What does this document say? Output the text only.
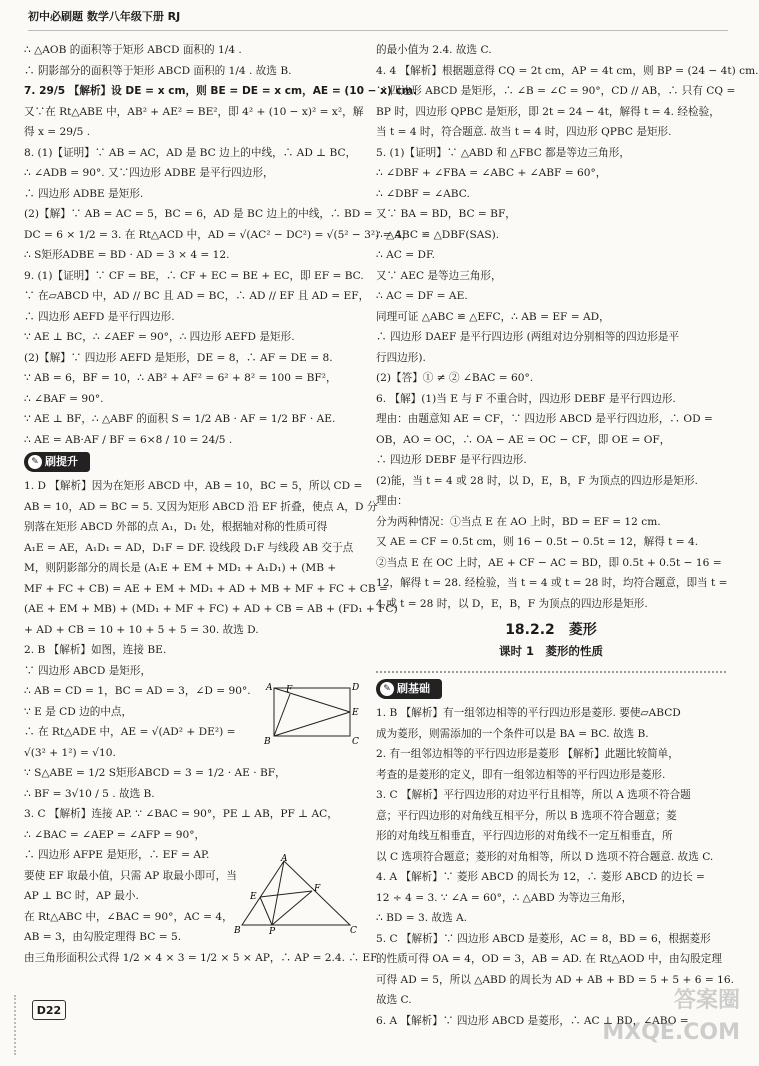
初中必刷题 数学八年级下册 RJ
∴ △AOB 的面积等于矩形 ABCD 面积的 1/4 .
∴ 阴影部分的面积等于矩形 ABCD 面积的 1/4 . 故选 B.
7. 29/5 【解析】设 DE = x cm，则 BE = DE = x cm，AE = (10 − x) cm.
又∵在 Rt△ABE 中，AB² + AE² = BE²，即 4² + (10 − x)² = x²，解
得 x = 29/5 .
8. (1)【证明】∵ AB = AC，AD 是 BC 边上的中线，∴ AD ⊥ BC，
∴ ∠ADB = 90°. 又∵四边形 ADBE 是平行四边形，
∴ 四边形 ADBE 是矩形.
(2)【解】∵ AB = AC = 5，BC = 6，AD 是 BC 边上的中线，∴ BD =
DC = 6 × 1/2 = 3. 在 Rt△ACD 中，AD = √(AC² − DC²) = √(5² − 3²) = 4，
∴ S矩形ADBE = BD · AD = 3 × 4 = 12.
9. (1)【证明】∵ CF = BE，∴ CF + EC = BE + EC，即 EF = BC.
∵ 在▱ABCD 中，AD // BC 且 AD = BC，∴ AD // EF 且 AD = EF，
∴ 四边形 AEFD 是平行四边形.
∵ AE ⊥ BC，∴ ∠AEF = 90°，∴ 四边形 AEFD 是矩形.
(2)【解】∵ 四边形 AEFD 是矩形，DE = 8，∴ AF = DE = 8.
∵ AB = 6，BF = 10，∴ AB² + AF² = 6² + 8² = 100 = BF²，
∴ ∠BAF = 90°.
∵ AE ⊥ BF，∴ △ABF 的面积 S = 1/2 AB · AF = 1/2 BF · AE.
∴ AE = AB·AF / BF = 6×8 / 10 = 24/5 .
✎ 刷提升
1. D 【解析】因为在矩形 ABCD 中，AB = 10，BC = 5，所以 CD =
AB = 10，AD = BC = 5. 又因为矩形 ABCD 沿 EF 折叠，使点 A，D 分
别落在矩形 ABCD 外部的点 A₁，D₁ 处，根据轴对称的性质可得
A₁E = AE，A₁D₁ = AD，D₁F = DF. 设线段 D₁F 与线段 AB 交于点
M，则阴影部分的周长是 (A₁E + EM + MD₁ + A₁D₁) + (MB +
MF + FC + CB) = AE + EM + MD₁ + AD + MB + MF + FC + CB =
(AE + EM + MB) + (MD₁ + MF + FC) + AD + CB = AB + (FD₁ + FC)
+ AD + CB = 10 + 10 + 5 + 5 = 30. 故选 D.
2. B 【解析】如图，连接 BE.
∵ 四边形 ABCD 是矩形，
∴ AB = CD = 1，BC = AD = 3，∠D = 90°.
∵ E 是 CD 边的中点，
∴ 在 Rt△ADE 中，AE = √(AD² + DE²) =
√(3² + 1²) = √10.
∵ S△ABE = 1/2 S矩形ABCD = 3 = 1/2 · AE · BF，
∴ BF = 3√10 / 5 . 故选 B.
3. C 【解析】连接 AP. ∵ ∠BAC = 90°，PE ⊥ AB，PF ⊥ AC，
∴ ∠BAC = ∠AEP = ∠AFP = 90°，
∴ 四边形 AFPE 是矩形，∴ EF = AP.
要使 EF 取最小值，只需 AP 取最小即可，当
AP ⊥ BC 时，AP 最小.
在 Rt△ABC 中，∠BAC = 90°，AC = 4，
AB = 3，由勾股定理得 BC = 5.
由三角形面积公式得 1/2 × 4 × 3 = 1/2 × 5 × AP，∴ AP = 2.4. ∴ EF
A	D
E
F
B	C
A
F
E
B	P	C
的最小值为 2.4. 故选 C.
4. 4 【解析】根据题意得 CQ = 2t cm，AP = 4t cm，则 BP = (24 − 4t) cm.
∵ 四边形 ABCD 是矩形，∴ ∠B = ∠C = 90°，CD // AB，∴ 只有 CQ =
BP 时，四边形 QPBC 是矩形，即 2t = 24 − 4t，解得 t = 4. 经检验，
当 t = 4 时，符合题意. 故当 t = 4 时，四边形 QPBC 是矩形.
5. (1)【证明】∵ △ABD 和 △FBC 都是等边三角形，
∴ ∠DBF + ∠FBA = ∠ABC + ∠ABF = 60°，
∴ ∠DBF = ∠ABC.
又∵ BA = BD，BC = BF，
∴ △ABC ≌ △DBF(SAS).
∴ AC = DF.
又∵ AEC 是等边三角形，
∴ AC = DF = AE.
同理可证 △ABC ≌ △EFC，∴ AB = EF = AD，
∴ 四边形 DAEF 是平行四边形 (两组对边分别相等的四边形是平
行四边形).
(2)【答】① ≠ ② ∠BAC = 60°.
6. 【解】(1)当 E 与 F 不重合时，四边形 DEBF 是平行四边形.
理由：由题意知 AE = CF，∵ 四边形 ABCD 是平行四边形，∴ OD =
OB，AO = OC，∴ OA − AE = OC − CF，即 OE = OF，
∴ 四边形 DEBF 是平行四边形.
(2)能，当 t = 4 或 28 时，以 D，E，B，F 为顶点的四边形是矩形.
理由：
分为两种情况：①当点 E 在 AO 上时，BD = EF = 12 cm.
又 AE = CF = 0.5t cm，则 16 − 0.5t − 0.5t = 12，解得 t = 4.
②当点 E 在 OC 上时，AE + CF − AC = BD，即 0.5t + 0.5t − 16 =
12，解得 t = 28. 经检验，当 t = 4 或 t = 28 时，均符合题意，即当 t =
4 或 t = 28 时，以 D，E，B，F 为顶点的四边形是矩形.
18.2.2　菱形
课时 1　菱形的性质
✎ 刷基础
1. B 【解析】有一组邻边相等的平行四边形是菱形. 要使▱ABCD
成为菱形，则需添加的一个条件可以是 BA = BC. 故选 B.
2. 有一组邻边相等的平行四边形是菱形 【解析】此题比较简单，
考查的是菱形的定义，即有一组邻边相等的平行四边形是菱形.
3. C 【解析】平行四边形的对边平行且相等，所以 A 选项不符合题
意；平行四边形的对角线互相平分，所以 B 选项不符合题意；菱
形的对角线互相垂直，平行四边形的对角线不一定互相垂直，所
以 C 选项符合题意；菱形的对角相等，所以 D 选项不符合题意. 故选 C.
4. A 【解析】∵ 菱形 ABCD 的周长为 12，∴ 菱形 ABCD 的边长 =
12 ÷ 4 = 3. ∵ ∠A = 60°，∴ △ABD 为等边三角形，
∴ BD = 3. 故选 A.
5. C 【解析】∵ 四边形 ABCD 是菱形，AC = 8，BD = 6，根据菱形
的性质可得 OA = 4，OD = 3，AB = AD. 在 Rt△AOD 中，由勾股定理
可得 AD = 5，所以 △ABD 的周长为 AD + AB + BD = 5 + 5 + 6 = 16.
故选 C.
6. A 【解析】∵ 四边形 ABCD 是菱形，∴ AC ⊥ BD，∠ABO =
D22	答案圈
MXQE.COM
